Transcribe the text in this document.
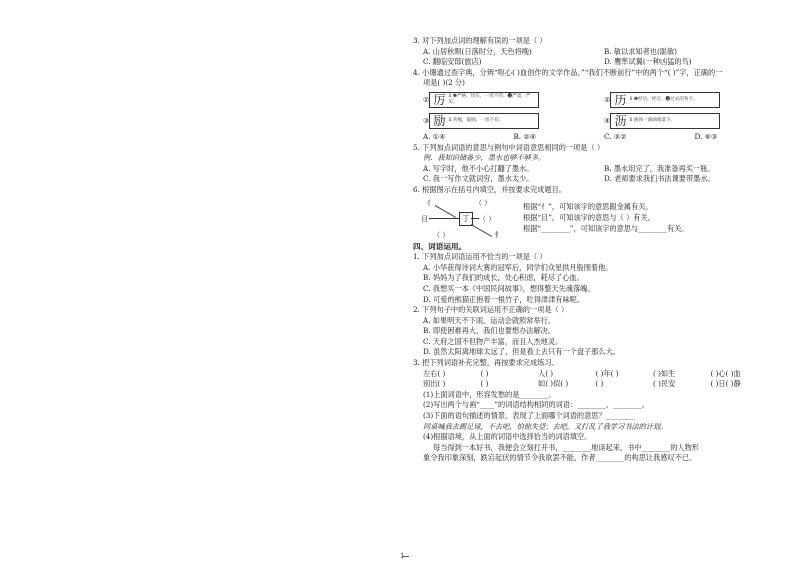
3. 对下列加点词的理解有误的一项是（ ）
A. 山居秋暝(日落时分，天色将晚)	B. 敏以求知者也(聪敏)
C. 翻临安邸(旅店)	D. 鹰隼试翼(一种凶猛的鸟)
4. 小珊通过查字典，分辨“呕心( )血创作的文学作品，”“我们不断前行”中的两个“( )”字，正确的一
项是( )(2 分)
① 厉 lì ❶严格，切实，一丝不苟。❷严肃，严厉。	② 历 lì ❶经历，经过。❷过去的各个。
③ 励 lì 劝勉，鼓励，一丝不苟。	④ 沥 lì 液体一滴滴地落下。
A. ①④	B. ②④	C. ③②	D. ④③
5. 下列加点词语的意思与例句中词语意思相同的一项是（ ）
例．我知识储备少，墨水也够不够多。
A. 写字时，他不小心打翻了墨水。	B. 墨水用完了，我准备再买一瓶。
C. 我一写作文就词穷，墨水太少。	D. 老师要求我们书法课要带墨水。
6. 根据图示在括号内填空，并按要求完成题目。
丁
亻
目
钅
（ ）
（ ）
（ ）
根据“亻”，可知该字的意思跟金属有关。
根据“目”，可知该字的意思与（ ）有关。
根据“________”，可知该字的意思与________有关。
四、词语运用。
1. 下列加点词语运用不恰当的一项是（ ）
A. 小华获得诗词大赛的冠军后，同学们众星拱月般围着他。
B. 妈妈为了我们的成长，处心积虑，耗尽了心血。
C. 我想买一本《中国民间故事》，想得整天失魂落魄。
D. 可爱的熊猫正抱着一根竹子，吃得津津有味呢。
2. 下列句子中的关联词运用不正确的一项是（ ）
A. 如果明天不下雨，运动会就照常举行。
B. 即使困难再大，我们也要想办法解决。
C. 天府之国不但物产丰富，而且人杰地灵。
D. 虽然太阳离地球太远了，但是看上去只有一个盘子那么大。
3. 把下列词语补充完整，再按要求完成练习。
左右( )	( )	人( )	( )年( )	( )如生	( )心( )血
别出( )	( )	如( )似( )	( )	( )民安	( )日( )静
(1)上面词语中，形容发愁的是________。
(2)写出两个与画“____”的词语结构相同的词语：________、________。
(3)下面的语句描述的情景，表现了上面哪个词语的意思？________
同桌喊我去踢足球，不去吧，怕他失望；去吧，又打乱了我学习书法的计划。
(4)根据语境，从上面的词语中选择恰当的词语填空。
每当得到一本好书，我便会立刻打开书，________地读起来，书中________的人物形
象令我印象深刻，跌宕起伏的情节令我欲罢不能，作者________的构思让我感叹不已。
1
